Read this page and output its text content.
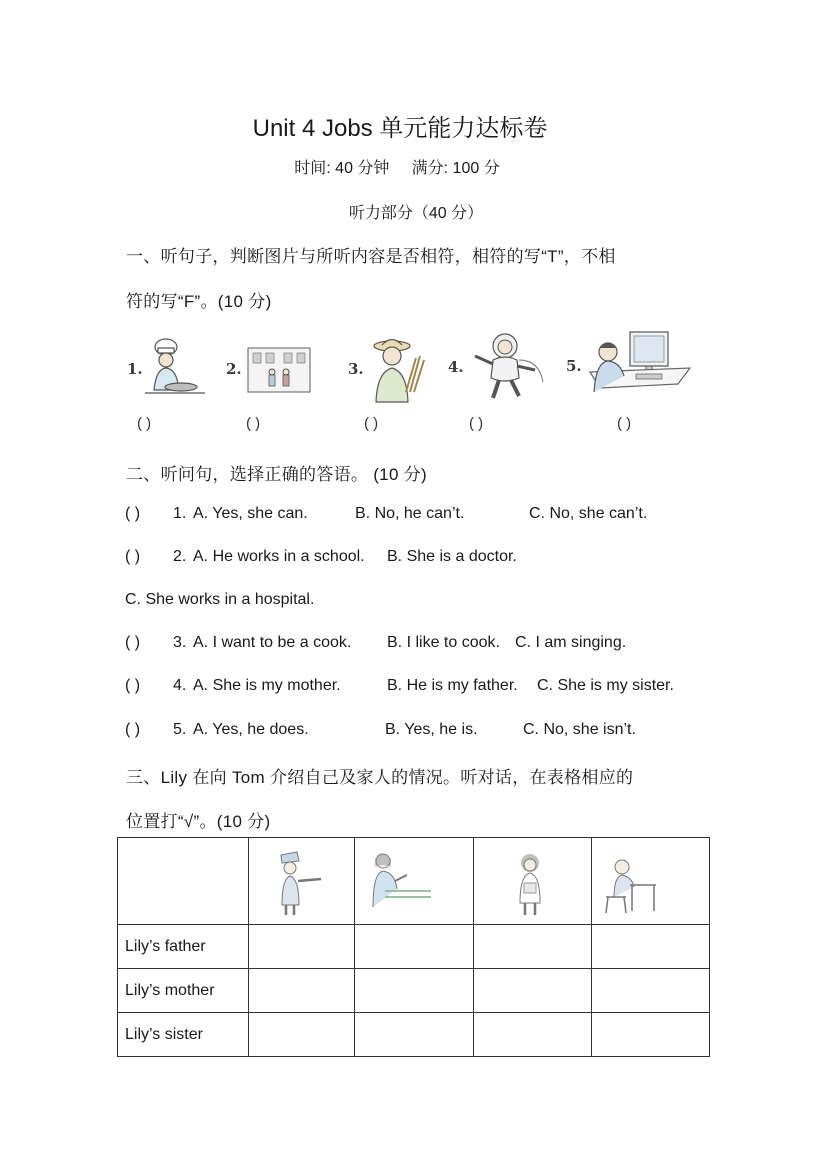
Unit 4 Jobs 单元能力达标卷
时间: 40 分钟 满分: 100 分
听力部分（40 分）
一、听句子，判断图片与所听内容是否相符，相符的写“T”，不相
符的写“F”。(10 分)
1.	2.	3.	4.	5.
( )	( )	( )	( )	( )
二、听问句，选择正确的答语。 (10 分)
( ) 1. A. Yes, she can.	B. No, he can’t.	C. No, she can’t.
( ) 2. A. He works in a school. B. She is a doctor.
C. She works in a hospital.
( ) 3. A. I want to be a cook. B. I like to cook. C. I am singing.
( ) 4. A. She is my mother.	B. He is my father. C. She is my sister.
( ) 5. A. Yes, he does.	B. Yes, he is.	C. No, she isn’t.
三、Lily 在向 Tom 介绍自己及家人的情况。听对话，在表格相应的
位置打“√”。(10 分)

Lily’s father				
Lily’s mother				
Lily’s sister				
